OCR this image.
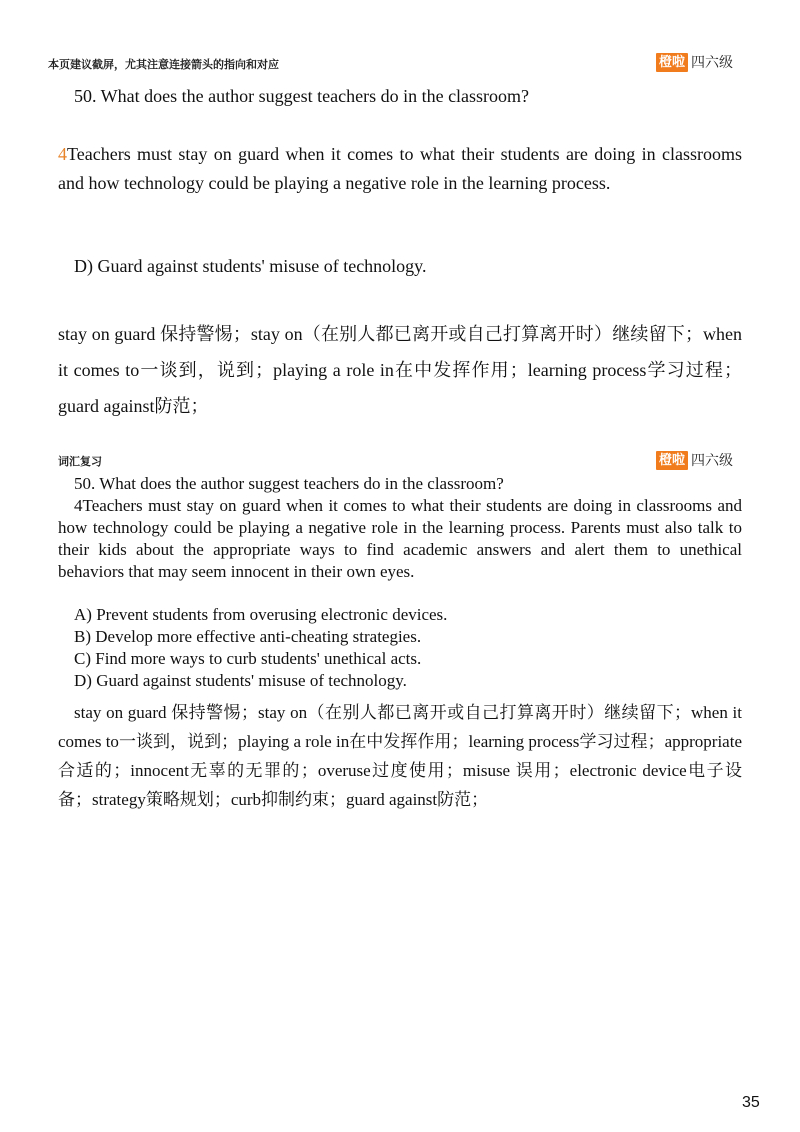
本页建议截屏，尤其注意连接箭头的指向和对应	橙啦 四六级

50. What does the author suggest teachers do in the classroom?

4Teachers must stay on guard when it comes to what their students are doing in classrooms and how technology could be playing a negative role in the learning process.

D) Guard against students' misuse of technology.

stay on guard 保持警惕；stay on（在别人都已离开或自己打算离开时）继续留下；when it comes to一谈到，说到；playing a role in在中发挥作用；learning process学习过程；guard against防范；

词汇复习	橙啦 四六级

50. What does the author suggest teachers do in the classroom?

4Teachers must stay on guard when it comes to what their students are doing in classrooms and how technology could be playing a negative role in the learning process. Parents must also talk to their kids about the appropriate ways to find academic answers and alert them to unethical behaviors that may seem innocent in their own eyes.

A) Prevent students from overusing electronic devices.

B) Develop more effective anti-cheating strategies.

C) Find more ways to curb students' unethical acts.

D) Guard against students' misuse of technology.

stay on guard 保持警惕；stay on（在别人都已离开或自己打算离开时）继续留下；when it comes to一谈到，说到；playing a role in在中发挥作用；learning process学习过程；appropriate合适的；innocent无辜的无罪的；overuse过度使用；misuse 误用；electronic device电子设备；strategy策略规划；curb抑制约束；guard against防范；

35
